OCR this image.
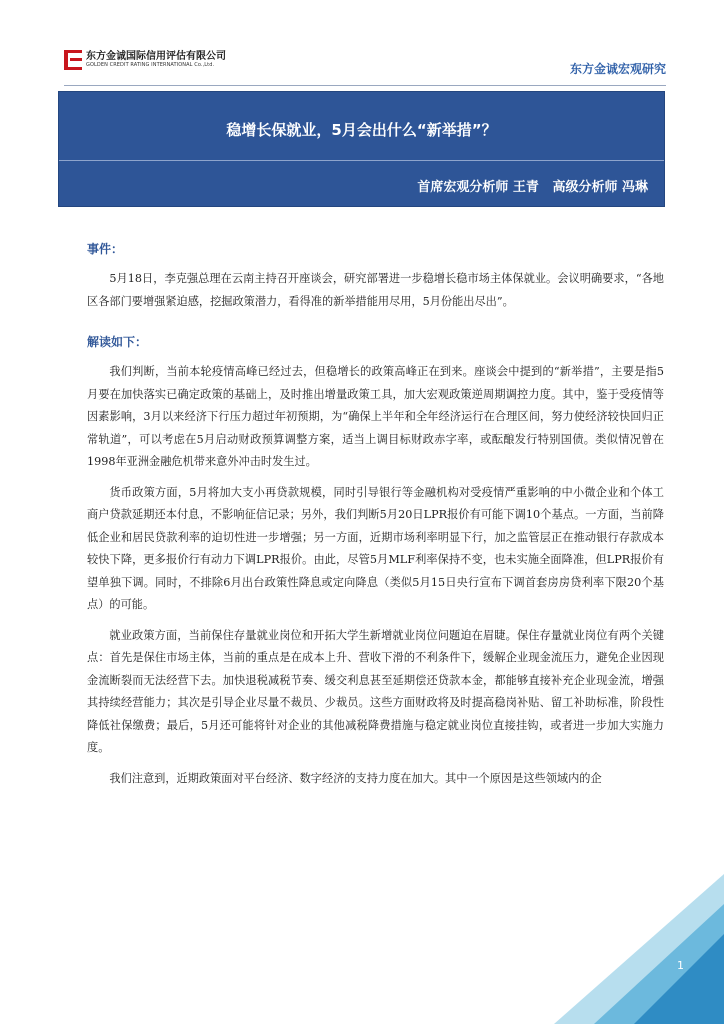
东方金诚国际信用评估有限公司
GOLDEN CREDIT RATING INTERNATIONAL Co.,Ltd.	东方金诚宏观研究
稳增长保就业，5月会出什么“新举措”？
首席宏观分析师 王青   高级分析师 冯琳
事件：

5月18日，李克强总理在云南主持召开座谈会，研究部署进一步稳增长稳市场主体保就业。会议明确要求，“各地区各部门要增强紧迫感，挖掘政策潜力，看得准的新举措能用尽用，5月份能出尽出”。

解读如下：

我们判断，当前本轮疫情高峰已经过去，但稳增长的政策高峰正在到来。座谈会中提到的“新举措”，主要是指5月要在加快落实已确定政策的基础上，及时推出增量政策工具，加大宏观政策逆周期调控力度。其中，鉴于受疫情等因素影响，3月以来经济下行压力超过年初预期，为“确保上半年和全年经济运行在合理区间，努力使经济较快回归正常轨道”，可以考虑在5月启动财政预算调整方案，适当上调目标财政赤字率，或酝酿发行特别国债。类似情况曾在1998年亚洲金融危机带来意外冲击时发生过。

货币政策方面，5月将加大支小再贷款规模，同时引导银行等金融机构对受疫情严重影响的中小微企业和个体工商户贷款延期还本付息，不影响征信记录；另外，我们判断5月20日LPR报价有可能下调10个基点。一方面，当前降低企业和居民贷款利率的迫切性进一步增强；另一方面，近期市场利率明显下行，加之监管层正在推动银行存款成本较快下降，更多报价行有动力下调LPR报价。由此，尽管5月MLF利率保持不变，也未实施全面降准，但LPR报价有望单独下调。同时，不排除6月出台政策性降息或定向降息（类似5月15日央行宣布下调首套房房贷利率下限20个基点）的可能。

就业政策方面，当前保住存量就业岗位和开拓大学生新增就业岗位问题迫在眉睫。保住存量就业岗位有两个关键点：首先是保住市场主体，当前的重点是在成本上升、营收下滑的不利条件下，缓解企业现金流压力，避免企业因现金流断裂而无法经营下去。加快退税减税节奏、缓交利息甚至延期偿还贷款本金，都能够直接补充企业现金流，增强其持续经营能力；其次是引导企业尽量不裁员、少裁员。这些方面财政将及时提高稳岗补贴、留工补助标准，阶段性降低社保缴费；最后，5月还可能将针对企业的其他减税降费措施与稳定就业岗位直接挂钩，或者进一步加大实施力度。

我们注意到，近期政策面对平台经济、数字经济的支持力度在加大。其中一个原因是这些领域内的企

1
